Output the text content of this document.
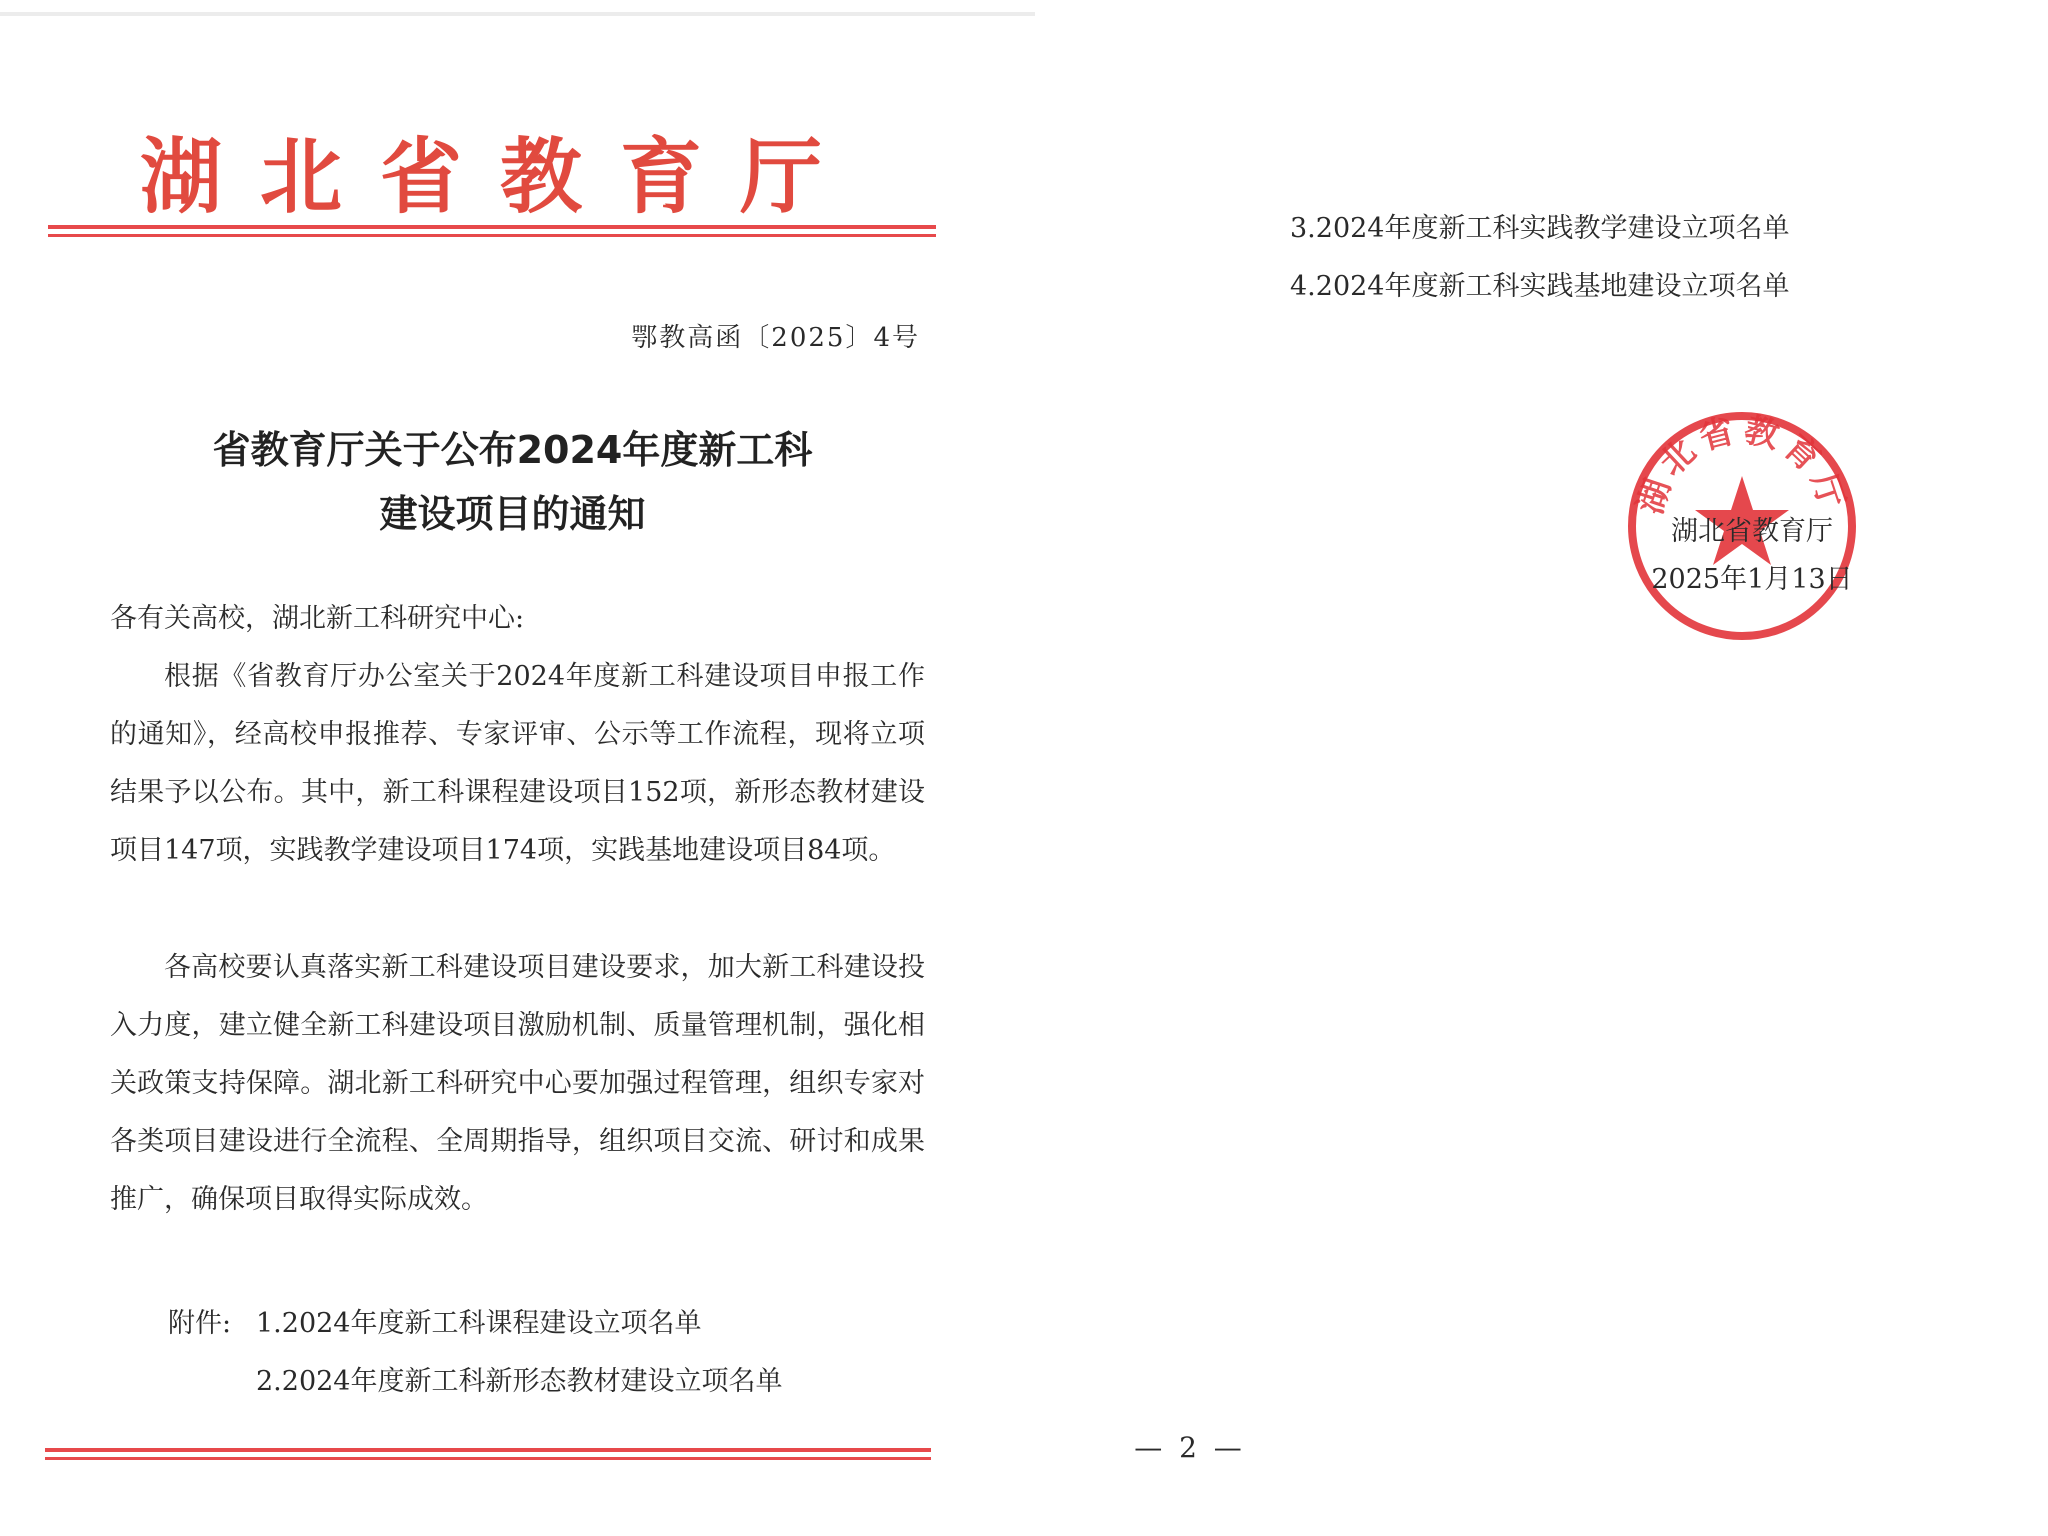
湖北省教育厅
鄂教高函〔2025〕4号
省教育厅关于公布2024年度新工科
建设项目的通知

各有关高校，湖北新工科研究中心:

根据《省教育厅办公室关于2024年度新工科建设项目申报工作的通知》，经高校申报推荐、专家评审、公示等工作流程，现将立项结果予以公布。其中，新工科课程建设项目152项，新形态教材建设项目147项，实践教学建设项目174项，实践基地建设项目84项。

各高校要认真落实新工科建设项目建设要求，加大新工科建设投入力度，建立健全新工科建设项目激励机制、质量管理机制，强化相关政策支持保障。湖北新工科研究中心要加强过程管理，组织专家对各类项目建设进行全流程、全周期指导，组织项目交流、研讨和成果推广，确保项目取得实际成效。

附件: 1.2024年度新工科课程建设立项名单
2.2024年度新工科新形态教材建设立项名单
3.2024年度新工科实践教学建设立项名单
4.2024年度新工科实践基地建设立项名单
湖北省教育厅
湖北省教育厅
2025年1月13日
— 2 —
